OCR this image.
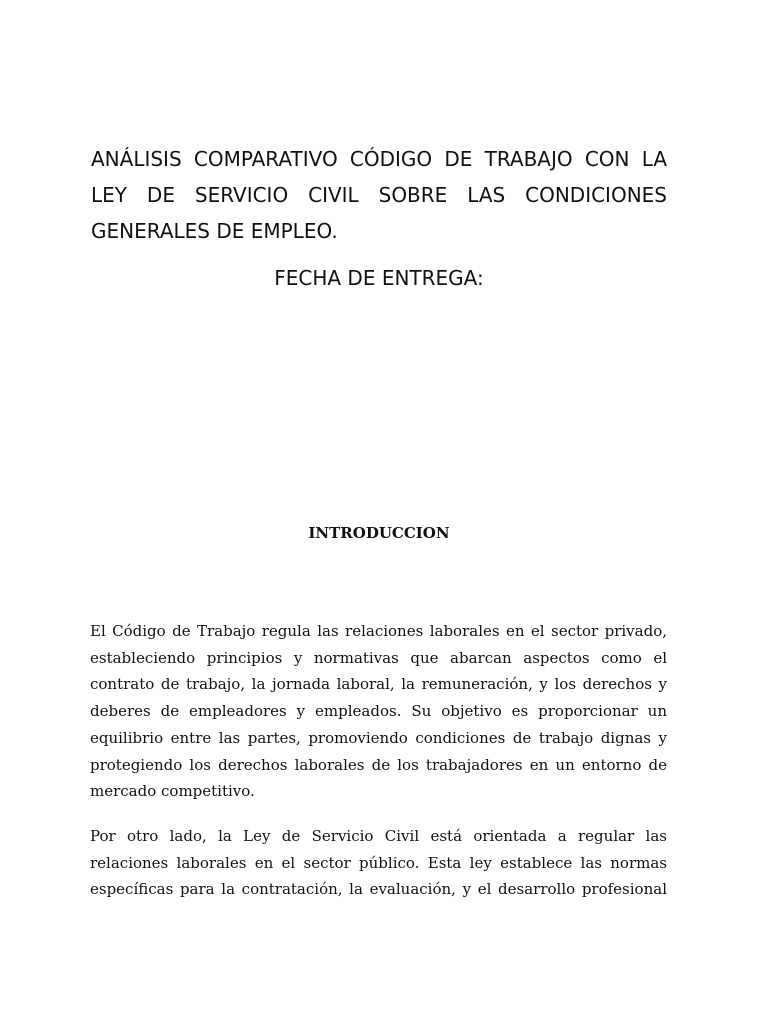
ANÁLISIS COMPARATIVO CÓDIGO DE TRABAJO CON LA LEY DE SERVICIO CIVIL SOBRE LAS CONDICIONES GENERALES DE EMPLEO.

FECHA DE ENTREGA:

INTRODUCCION

El Código de Trabajo regula las relaciones laborales en el sector privado, estableciendo principios y normativas que abarcan aspectos como el contrato de trabajo, la jornada laboral, la remuneración, y los derechos y deberes de empleadores y empleados. Su objetivo es proporcionar un equilibrio entre las partes, promoviendo condiciones de trabajo dignas y protegiendo los derechos laborales de los trabajadores en un entorno de mercado competitivo.

Por otro lado, la Ley de Servicio Civil está orientada a regular las relaciones laborales en el sector público. Esta ley establece las normas específicas para la contratación, la evaluación, y el desarrollo profesional
